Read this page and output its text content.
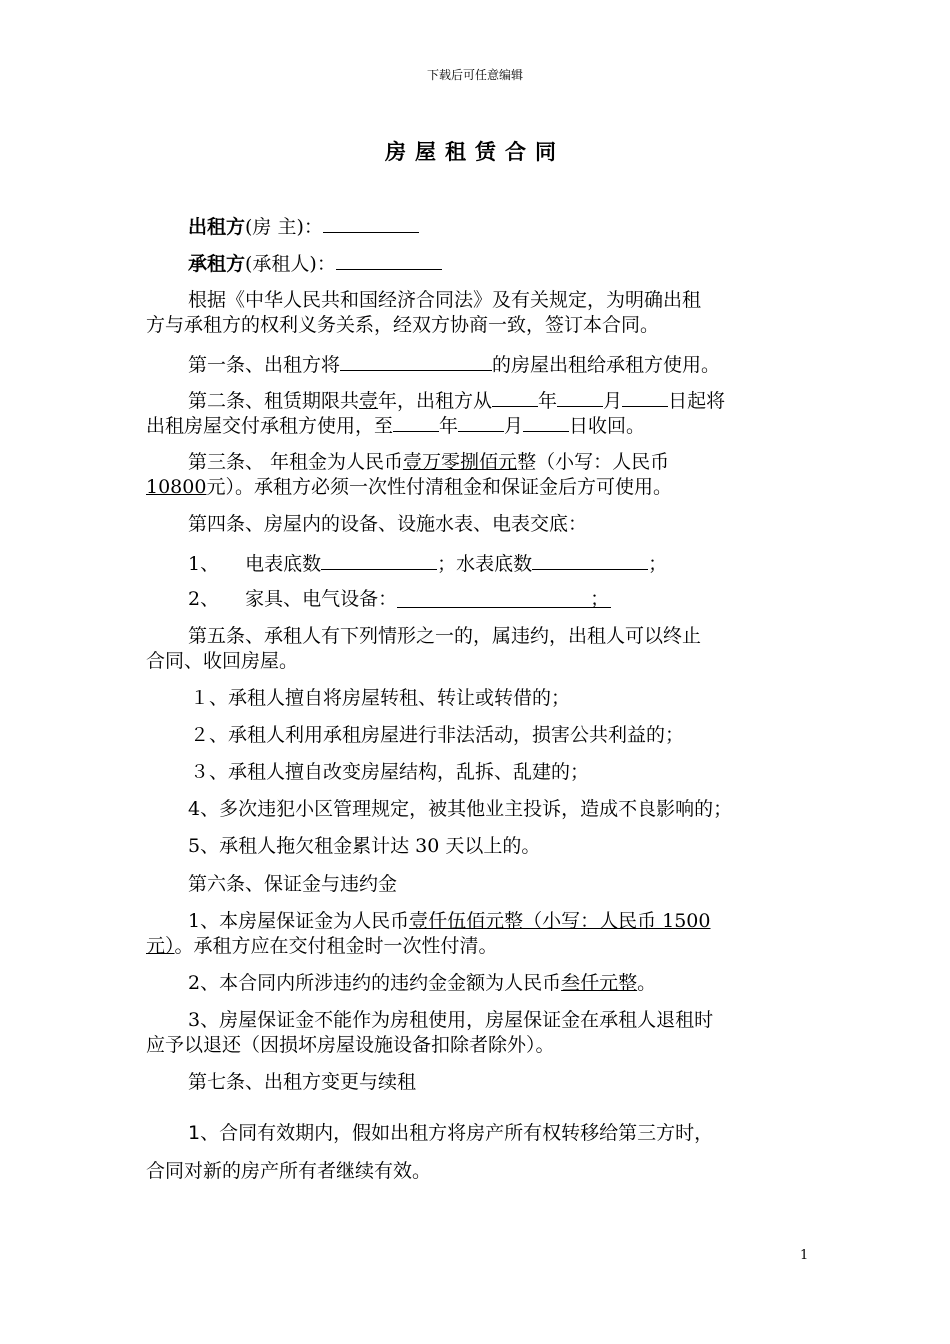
下载后可任意编辑
房屋租赁合同
出租方(房 主)：
承租方(承租人)：
根据《中华人民共和国经济合同法》及有关规定，为明确出租
方与承租方的权利义务关系，经双方协商一致，签订本合同。
第一条、出租方将	的房屋出租给承租方使用。
第二条、租赁期限共壹年，出租方从 年 月 日起将
出租房屋交付承租方使用，至 年 月 日收回。
第三条、 年租金为人民币壹万零捌佰元整（小写：人民币
10800元）。承租方必须一次性付清租金和保证金后方可使用。
第四条、房屋内的设备、设施水表、电表交底：
1、 电表底数	；水表底数	；
2、 家具、电气设备：	；
第五条、承租人有下列情形之一的，属违约，出租人可以终止
合同、收回房屋。
１、承租人擅自将房屋转租、转让或转借的；
２、承租人利用承租房屋进行非法活动，损害公共利益的；
３、承租人擅自改变房屋结构，乱拆、乱建的；
4、多次违犯小区管理规定，被其他业主投诉，造成不良影响的；
5、承租人拖欠租金累计达 30 天以上的。
第六条、保证金与违约金
1、本房屋保证金为人民币壹仟伍佰元整（小写：人民币 1500
元）。承租方应在交付租金时一次性付清。
2、本合同内所涉违约的违约金金额为人民币叁仟元整。
3、房屋保证金不能作为房租使用，房屋保证金在承租人退租时
应予以退还（因损坏房屋设施设备扣除者除外）。
第七条、出租方变更与续租
1、合同有效期内，假如出租方将房产所有权转移给第三方时，
合同对新的房产所有者继续有效。
1
